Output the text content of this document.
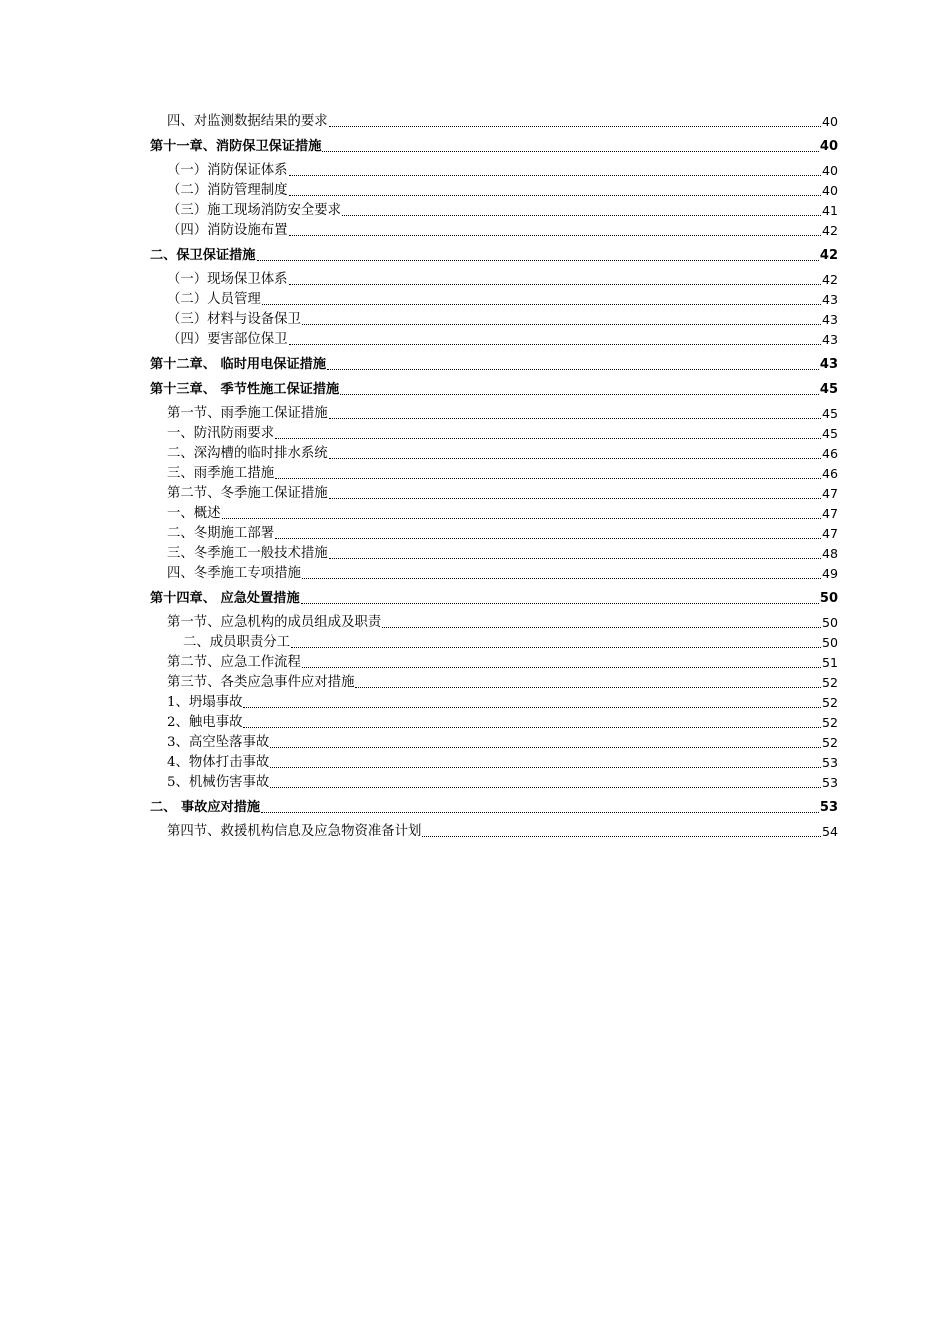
四、对监测数据结果的要求	40
第十一章、消防保卫保证措施	40
（一）消防保证体系	40
（二）消防管理制度	40
（三）施工现场消防安全要求	41
（四）消防设施布置	42
二、保卫保证措施	42
（一）现场保卫体系	42
（二）人员管理	43
（三）材料与设备保卫	43
（四）要害部位保卫	43
第十二章、 临时用电保证措施	43
第十三章、 季节性施工保证措施	45
第一节、雨季施工保证措施	45
一、防汛防雨要求	45
二、深沟槽的临时排水系统	46
三、雨季施工措施	46
第二节、冬季施工保证措施	47
一、概述	47
二、冬期施工部署	47
三、冬季施工一般技术措施	48
四、冬季施工专项措施	49
第十四章、 应急处置措施	50
第一节、应急机构的成员组成及职责	50
二、成员职责分工	50
第二节、应急工作流程	51
第三节、各类应急事件应对措施	52
1、坍塌事故	52
2、触电事故	52
3、高空坠落事故	52
4、物体打击事故	53
5、机械伤害事故	53
二、 事故应对措施	53
第四节、救援机构信息及应急物资准备计划	54
